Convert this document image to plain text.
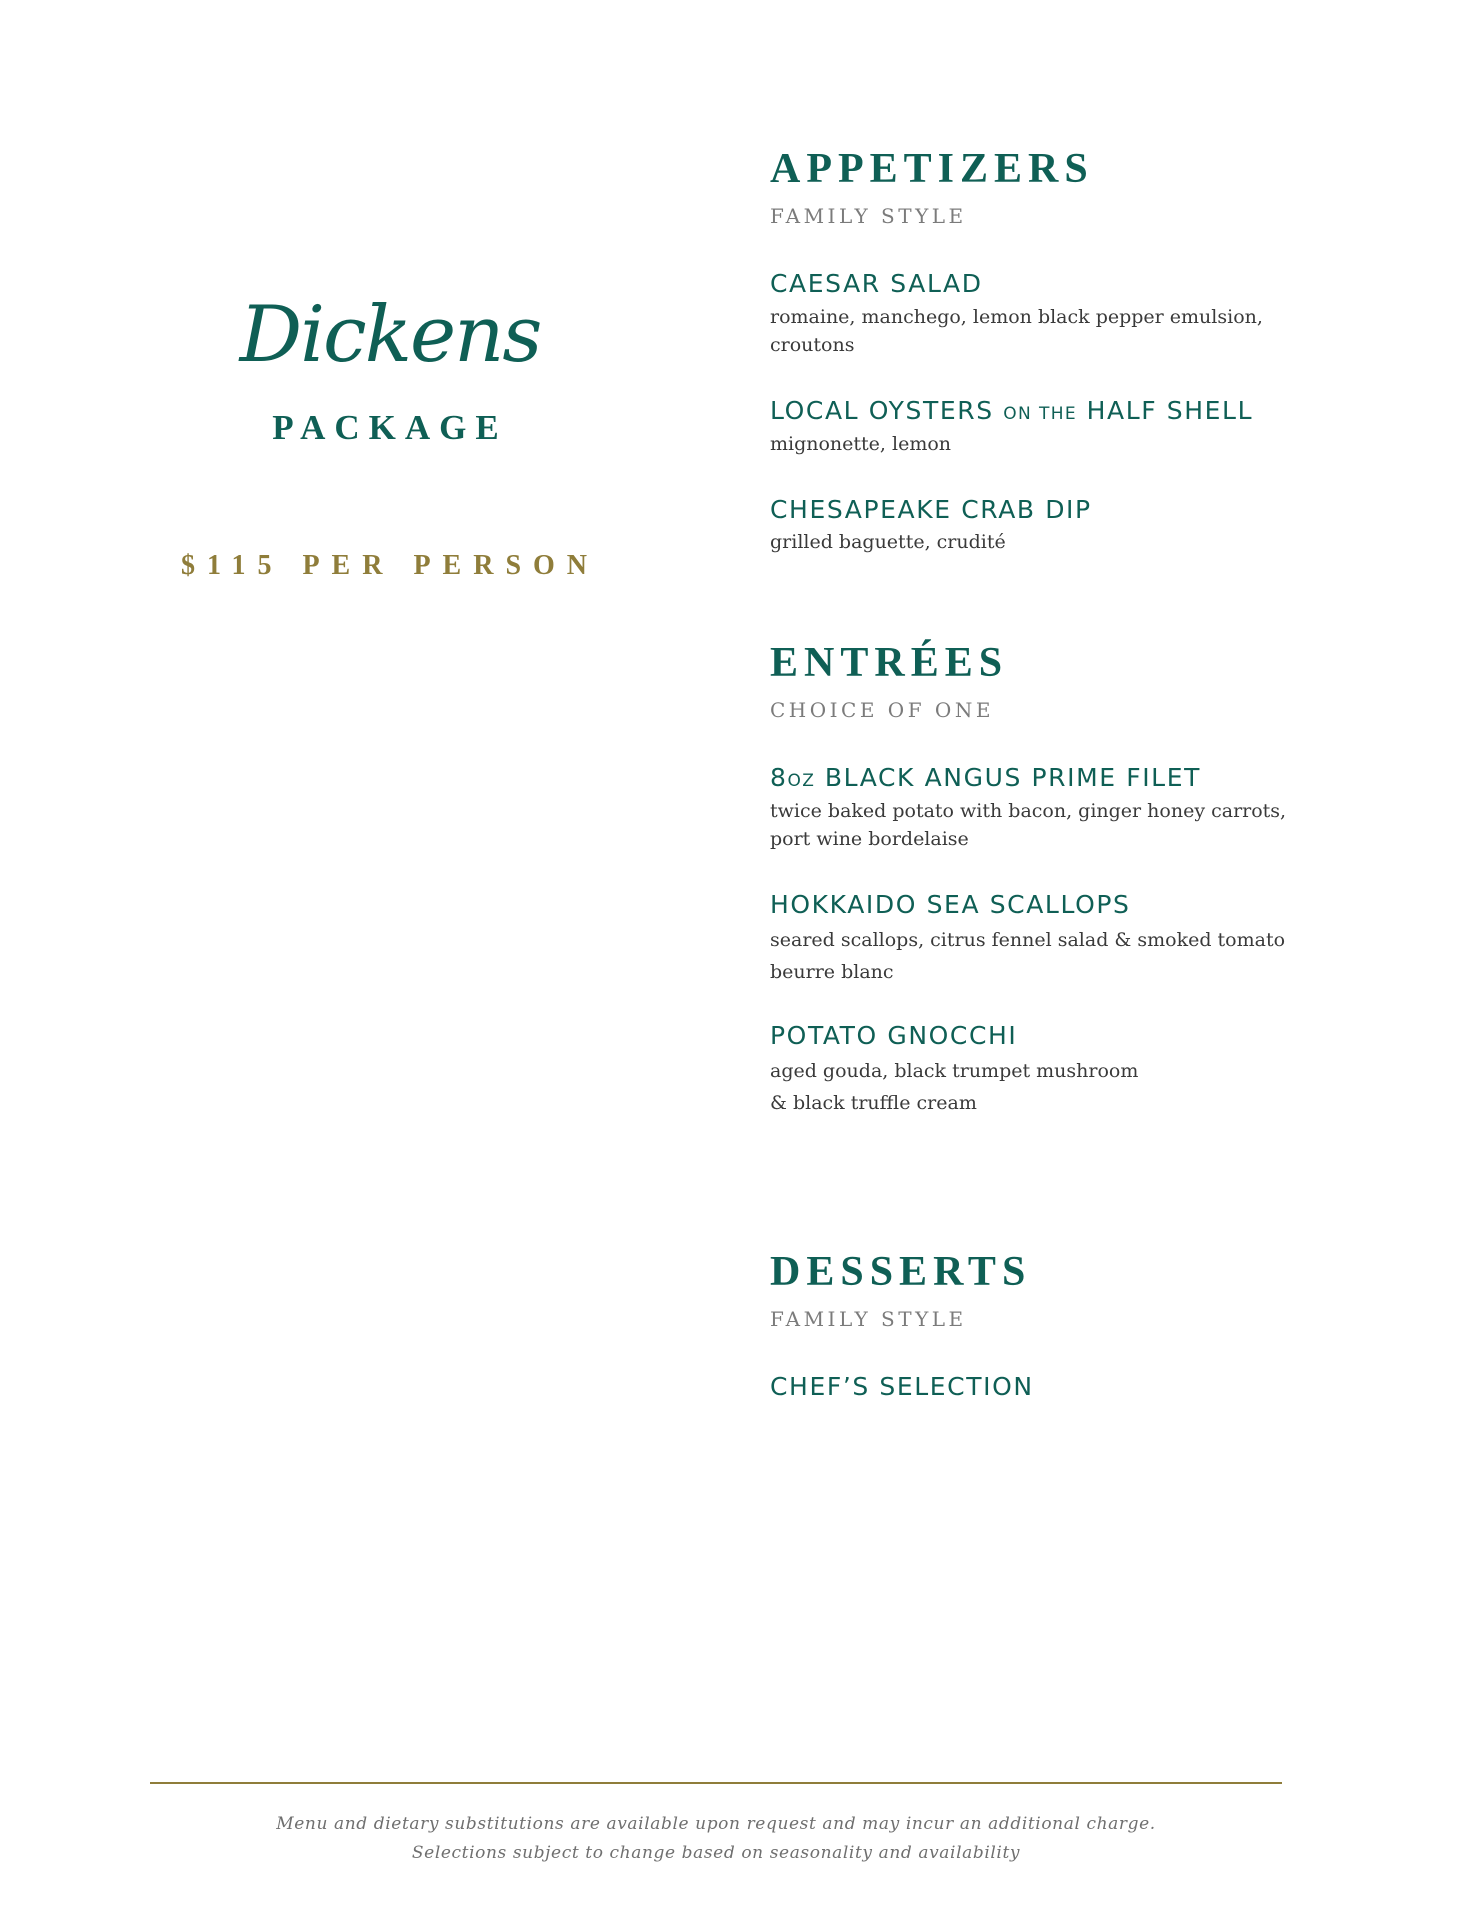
Dickens
PACKAGE
$115 PER PERSON
APPETIZERS
FAMILY STYLE
CAESAR SALAD
romaine, manchego, lemon black pepper emulsion,
croutons
LOCAL OYSTERS ON THE HALF SHELL
mignonette, lemon
CHESAPEAKE CRAB DIP
grilled baguette, crudité
ENTRÉES
CHOICE OF ONE
8OZ BLACK ANGUS PRIME FILET
twice baked potato with bacon, ginger honey carrots,
port wine bordelaise
HOKKAIDO SEA SCALLOPS
seared scallops, citrus fennel salad & smoked tomato
beurre blanc
POTATO GNOCCHI
aged gouda, black trumpet mushroom
& black truffle cream
DESSERTS
FAMILY STYLE
CHEF’S SELECTION
Menu and dietary substitutions are available upon request and may incur an additional charge.
Selections subject to change based on seasonality and availability
